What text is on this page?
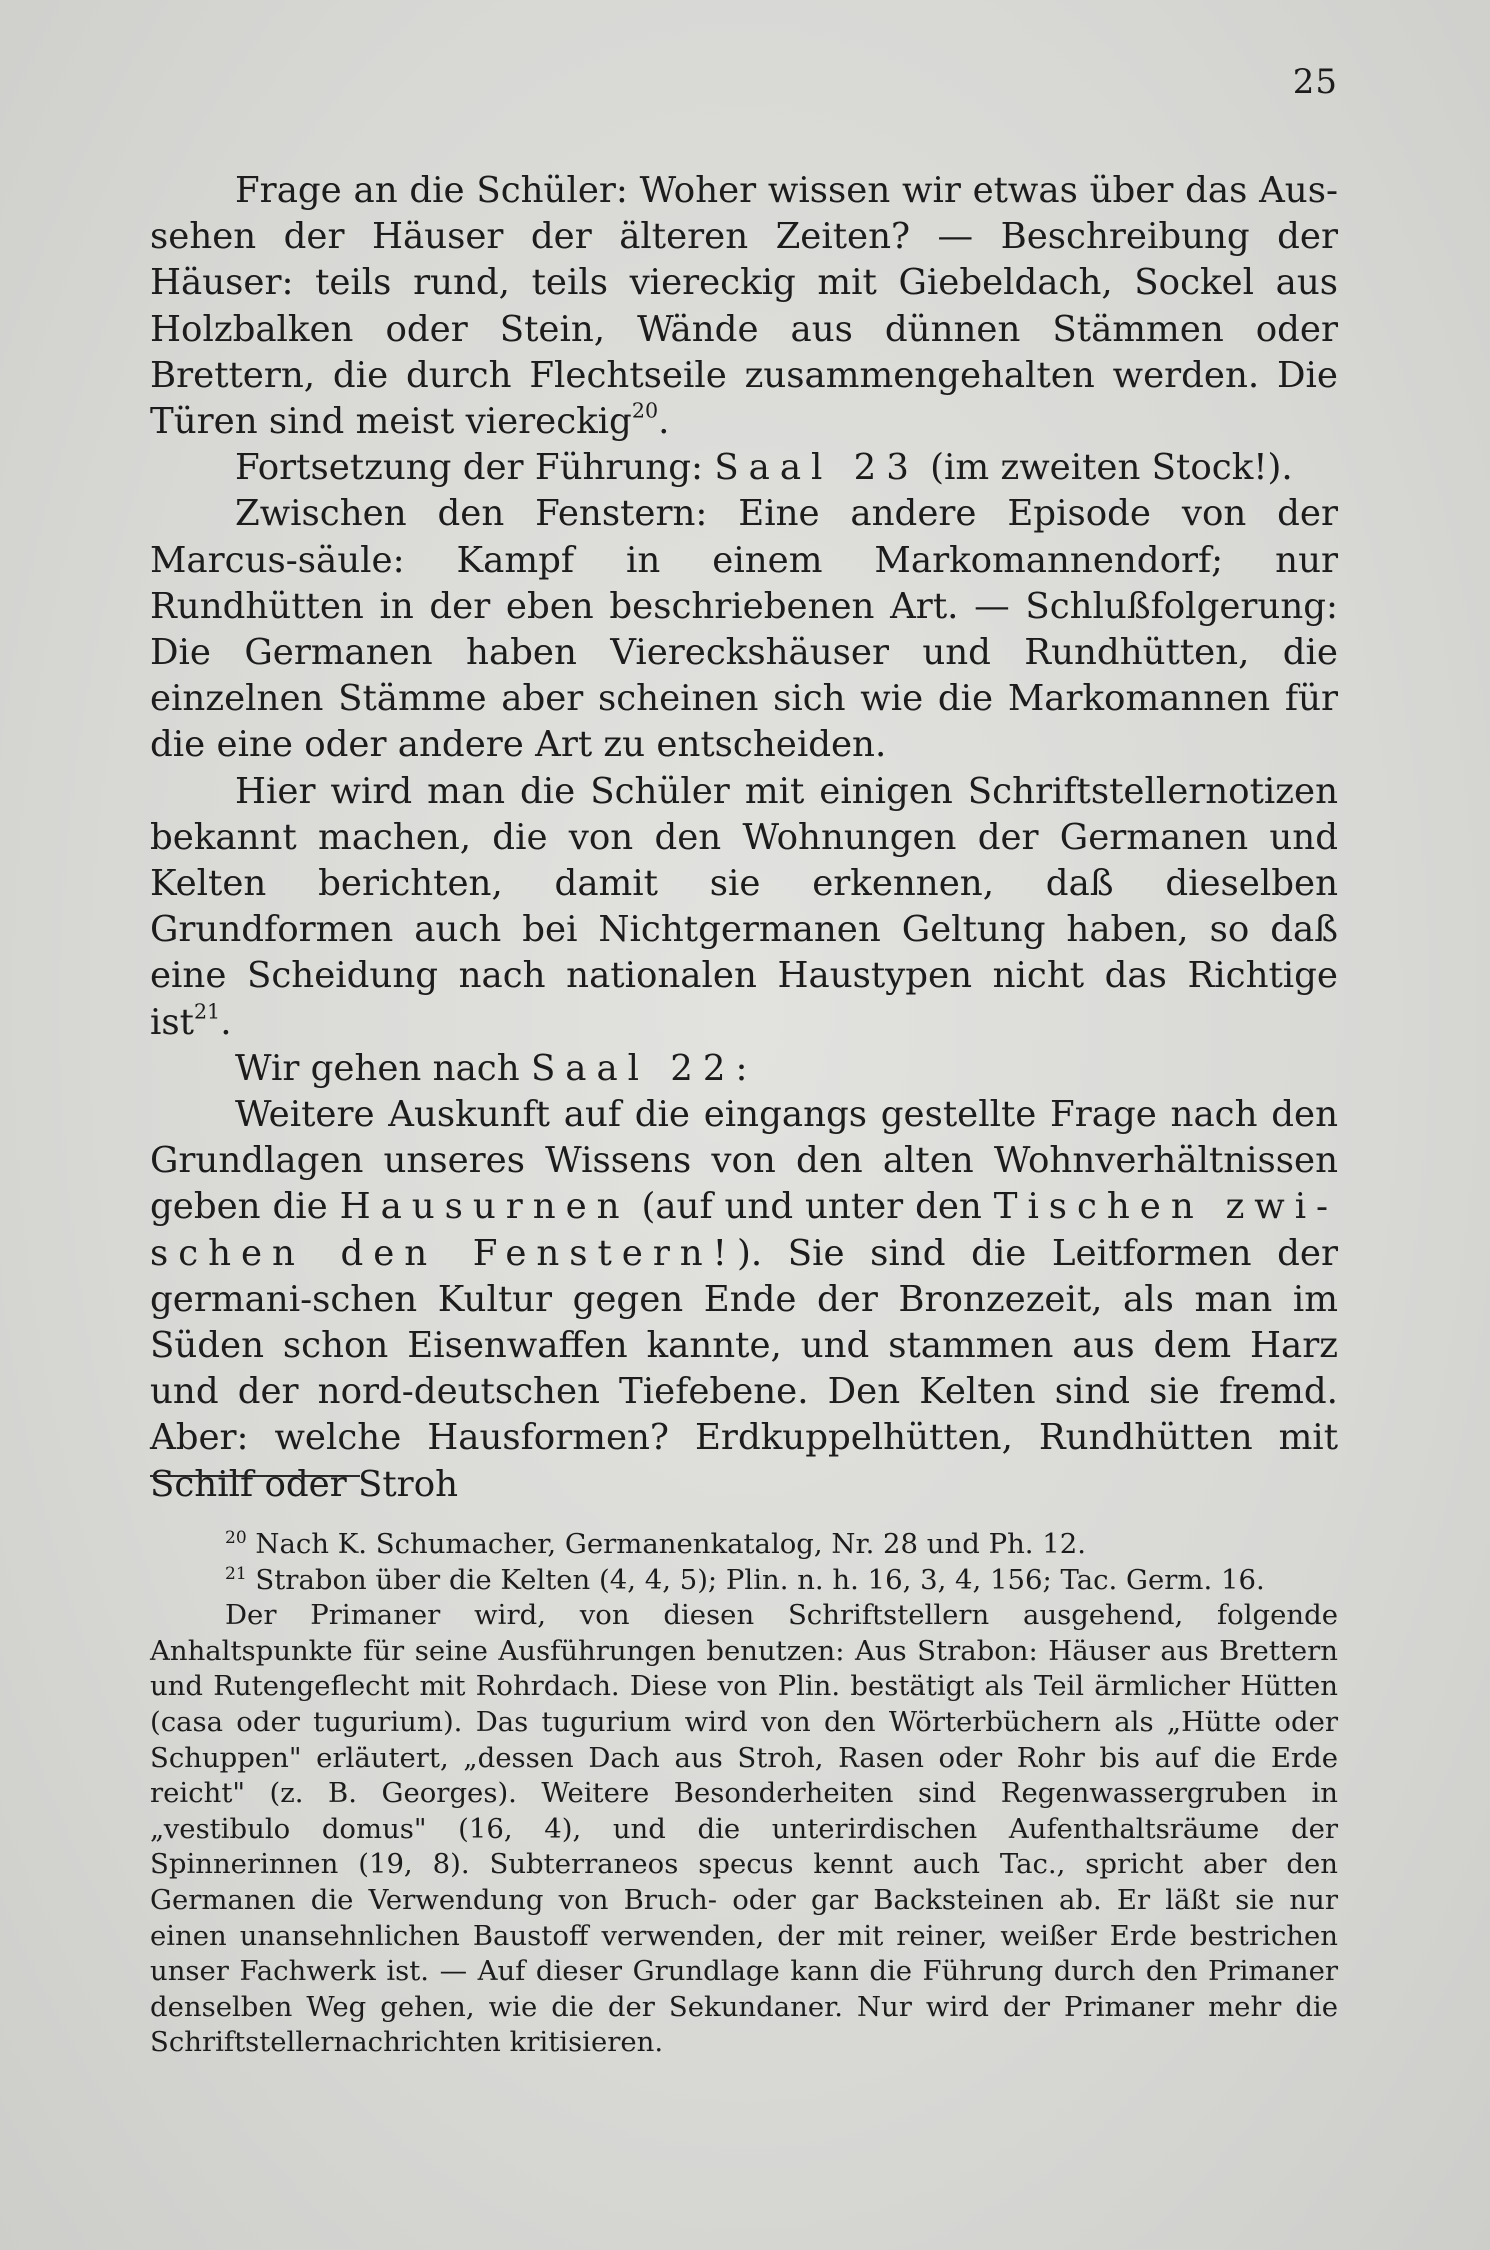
25

Frage an die Schüler: Woher wissen wir etwas über das Aus-sehen der Häuser der älteren Zeiten? — Beschreibung der Häuser: teils rund, teils viereckig mit Giebeldach, Sockel aus Holzbalken oder Stein, Wände aus dünnen Stämmen oder Brettern, die durch Flechtseile zusammengehalten werden. Die Türen sind meist viereckig$^{20}$.

Fortsetzung der Führung: Saal 23 (im zweiten Stock!).

Zwischen den Fenstern: Eine andere Episode von der Marcus-säule: Kampf in einem Markomannendorf; nur Rundhütten in der eben beschriebenen Art. — Schlußfolgerung: Die Germanen haben Viereckshäuser und Rundhütten, die einzelnen Stämme aber scheinen sich wie die Markomannen für die eine oder andere Art zu entscheiden.

Hier wird man die Schüler mit einigen Schriftstellernotizen bekannt machen, die von den Wohnungen der Germanen und Kelten berichten, damit sie erkennen, daß dieselben Grundformen auch bei Nichtgermanen Geltung haben, so daß eine Scheidung nach nationalen Haustypen nicht das Richtige ist$^{21}$.

Wir gehen nach Saal 22:

Weitere Auskunft auf die eingangs gestellte Frage nach den Grundlagen unseres Wissens von den alten Wohnverhältnissen geben die Hausurnen (auf und unter den Tischen zwi-schen den Fenstern!). Sie sind die Leitformen der germani-schen Kultur gegen Ende der Bronzezeit, als man im Süden schon Eisenwaffen kannte, und stammen aus dem Harz und der nord-deutschen Tiefebene. Den Kelten sind sie fremd. Aber: welche Hausformen? Erdkuppelhütten, Rundhütten mit Schilf oder Stroh

$^{20}$ Nach K. Schumacher, Germanenkatalog, Nr. 28 und Ph. 12.

$^{21}$ Strabon über die Kelten (4, 4, 5); Plin. n. h. 16, 3, 4, 156; Tac. Germ. 16.

Der Primaner wird, von diesen Schriftstellern ausgehend, folgende Anhaltspunkte für seine Ausführungen benutzen: Aus Strabon: Häuser aus Brettern und Rutengeflecht mit Rohrdach. Diese von Plin. bestätigt als Teil ärmlicher Hütten (casa oder tugurium). Das tugurium wird von den Wörterbüchern als „Hütte oder Schuppen" erläutert, „dessen Dach aus Stroh, Rasen oder Rohr bis auf die Erde reicht" (z. B. Georges). Weitere Besonderheiten sind Regenwassergruben in „vestibulo domus" (16, 4), und die unterirdischen Aufenthaltsräume der Spinnerinnen (19, 8). Subterraneos specus kennt auch Tac., spricht aber den Germanen die Verwendung von Bruch- oder gar Backsteinen ab. Er läßt sie nur einen unansehnlichen Baustoff verwenden, der mit reiner, weißer Erde bestrichen unser Fachwerk ist. — Auf dieser Grundlage kann die Führung durch den Primaner denselben Weg gehen, wie die der Sekundaner. Nur wird der Primaner mehr die Schriftstellernachrichten kritisieren.
